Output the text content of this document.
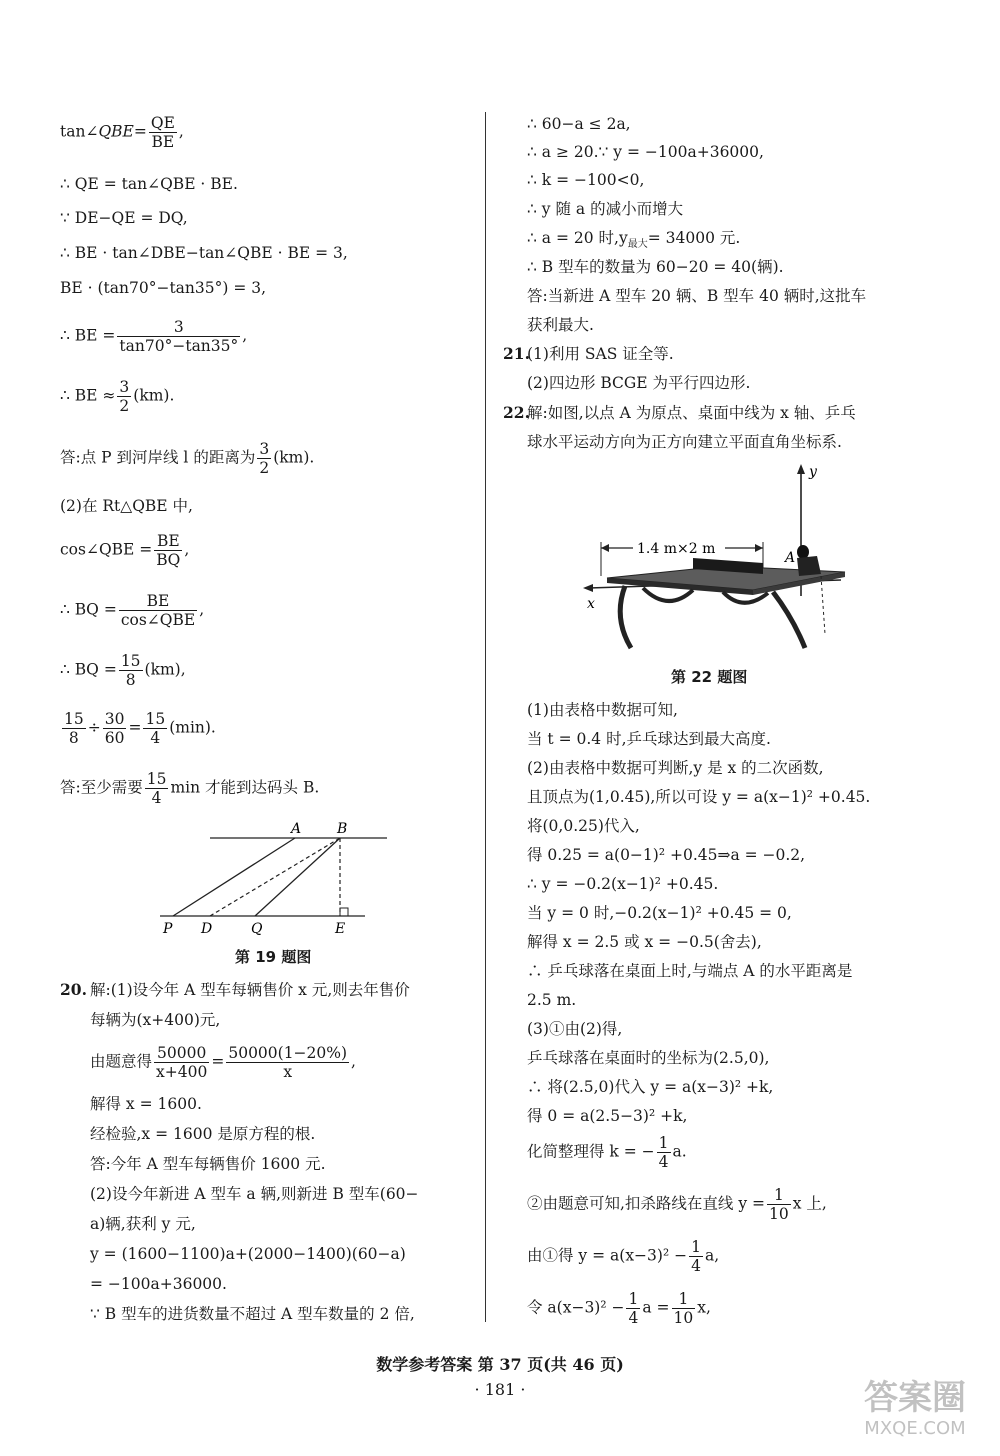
tan∠QBE= $\frac{QE}{BE}$ ,
∴ QE = tan∠QBE · BE.
∵ DE−QE = DQ,
∴ BE · tan∠DBE−tan∠QBE · BE = 3,
BE · (tan70°−tan35°) = 3,
∴ BE = $\frac{3}{\tan 70^\circ-\tan 35^\circ}$ ,
∴ BE ≈ $\frac{3}{2} (km)$.
答:点 P 到河岸线 l 的距离为 $\frac{3}{2} (km)$.
(2)在 Rt△QBE 中,
cos∠QBE = $\frac{BE}{BQ}$ ,
∴ BQ = $\frac{BE}{\text{cos∠QBE}}$ ,
∴ BQ = $\frac{15}{8} (km)$,
$\frac{15}{8} \div \frac{30}{60} = \frac{15}{4} (\min)$.
答:至少需要 $\frac{15}{4}$ min 才能到达码头 B.
A	B
P D	Q	E
第 19 题图
20. 解:(1)设今年 A 型车每辆售价 x 元,则去年售价
每辆为(x+400)元,
由题意得 $\frac{50000}{x+400} = \frac{50000(1-20\%)}{x}$ ,
解得 x = 1600.
经检验,x = 1600 是原方程的根.
答:今年 A 型车每辆售价 1600 元.
(2)设今年新进 A 型车 a 辆,则新进 B 型车(60−
a)辆,获利 y 元,
y = (1600−1100)a+(2000−1400)(60−a)
= −100a+36000.
∵ B 型车的进货数量不超过 A 型车数量的 2 倍,
∴ 60−a ≤ 2a,
∴ a ≥ 20.∵ y = −100a+36000,
∴ k = −100<0,
∴ y 随 a 的减小而增大
∴ a = 20 时$,y_{最大}= 34000$ 元.
∴ B 型车的数量为 60−20 = 40(辆).
答:当新进 A 型车 20 辆、B 型车 40 辆时,这批车
获利最大.
21.
(1)利用 SAS 证全等.
(2)四边形 BCGE 为平行四边形.
22.
解:如图,以点 A 为原点、桌面中线为 x 轴、乒乓
球水平运动方向为正方向建立平面直角坐标系.
y
1.4 m×2 m
x
A
第 22 题图
(1)由表格中数据可知,
当 t = 0.4 时,乒乓球达到最大高度.
(2)由表格中数据可判断,y 是 x 的二次函数,
且顶点为(1,0.45),所以可设 y = a(x−1)² +0.45.
将(0,0.25)代入,
得 0.25 = a(0−1)² +0.45⇒a = −0.2,
∴ y = −0.2(x−1)² +0.45.
当 y = 0 时,−0.2(x−1)² +0.45 = 0,
解得 x = 2.5 或 x = −0.5(舍去),
∴ 乒乓球落在桌面上时,与端点 A 的水平距离是
2.5 m.
(3)①由(2)得,
乒乓球落在桌面时的坐标为(2.5,0),
∴ 将(2.5,0)代入 y = a(x−3)² +k,
得 0 = a(2.5−3)² +k,
化简整理得 k = − $\frac{1}{4} a$.
②由题意可知,扣杀路线在直线 $y = \frac{1}{10}$ x 上,
由①得 $y = a(x-3)^2 - \frac{1}{4} a$,
令 $a(x-3)^2 - \frac{1}{4}$ $a = \frac{1}{10} x$,
数学参考答案 第 37 页(共 46 页)
· 181 ·	答案圈
MXQE.COM
